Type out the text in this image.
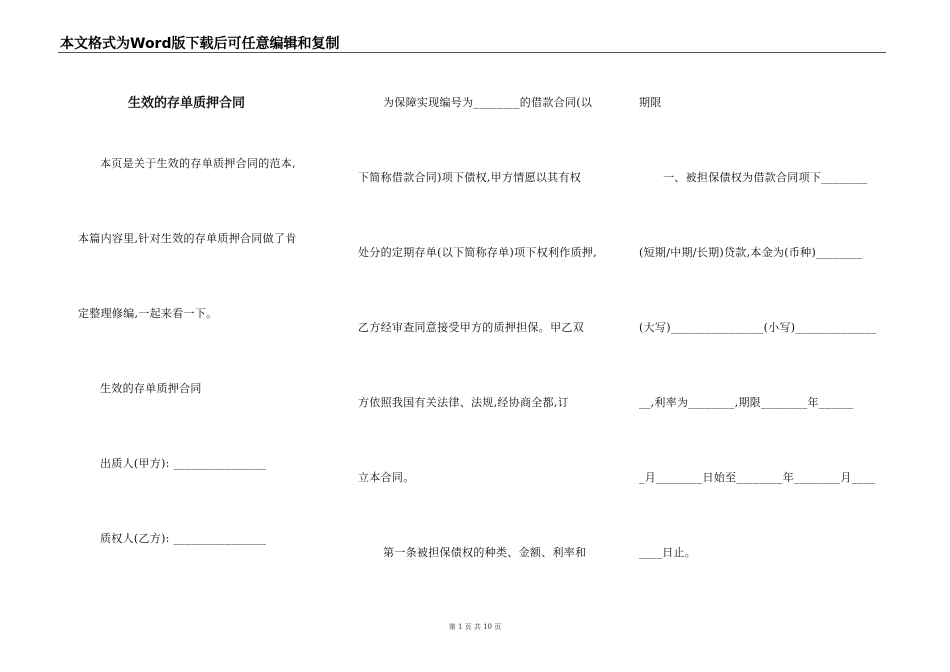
本文格式为Word版下载后可任意编辑和复制
生效的存单质押合同
本页是关于生效的存单质押合同的范本,
本篇内容里,针对生效的存单质押合同做了肯
定整理修编,一起来看一下。
生效的存单质押合同
出质人(甲方): ________________
质权人(乙方): ________________
为保障实现编号为________的借款合同(以
下简称借款合同)项下债权,甲方情愿以其有权
处分的定期存单(以下简称存单)项下权利作质押,
乙方经审查同意接受甲方的质押担保。甲乙双
方依照我国有关法律、法规,经协商全都,订
立本合同。
第一条被担保债权的种类、金额、利率和
期限
一、被担保债权为借款合同项下________
(短期/中期/长期)贷款,本金为(币种)________
(大写)________________(小写)______________
__,利率为________,期限________年______
_月________日始至________年________月____
____日止。
第 1 页 共 10 页
